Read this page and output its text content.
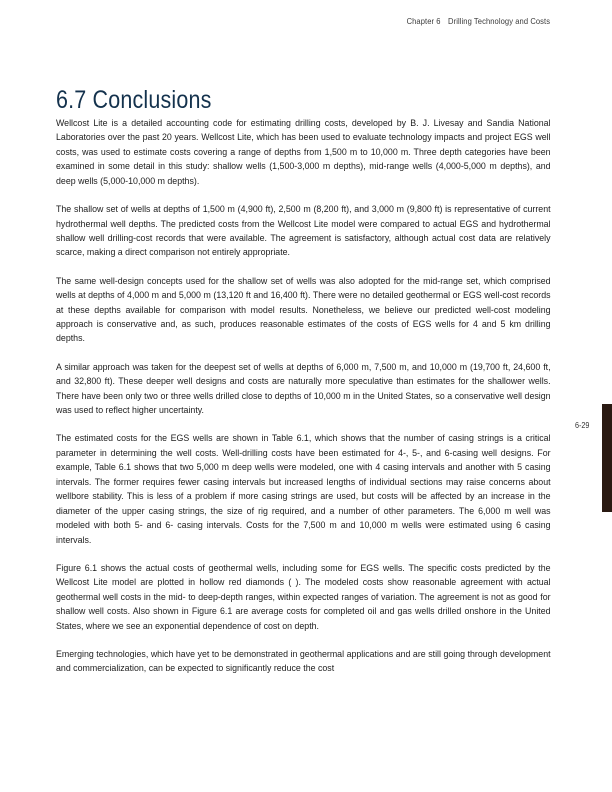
Chapter 6 Drilling Technology and Costs
6.7 Conclusions

Wellcost Lite is a detailed accounting code for estimating drilling costs, developed by B. J. Livesay and Sandia National Laboratories over the past 20 years. Wellcost Lite, which has been used to evaluate technology impacts and project EGS well costs, was used to estimate costs covering a range of depths from 1,500 m to 10,000 m. Three depth categories have been examined in some detail in this study: shallow wells (1,500-3,000 m depths), mid-range wells (4,000-5,000 m depths), and deep wells (5,000-10,000 m depths).

The shallow set of wells at depths of 1,500 m (4,900 ft), 2,500 m (8,200 ft), and 3,000 m (9,800 ft) is representative of current hydrothermal well depths. The predicted costs from the Wellcost Lite model were compared to actual EGS and hydrothermal shallow well drilling-cost records that were available. The agreement is satisfactory, although actual cost data are relatively scarce, making a direct comparison not entirely appropriate.

The same well-design concepts used for the shallow set of wells was also adopted for the mid-range set, which comprised wells at depths of 4,000 m and 5,000 m (13,120 ft and 16,400 ft). There were no detailed geothermal or EGS well-cost records at these depths available for comparison with model results. Nonetheless, we believe our predicted well-cost modeling approach is conservative and, as such, produces reasonable estimates of the costs of EGS wells for 4 and 5 km drilling depths.

A similar approach was taken for the deepest set of wells at depths of 6,000 m, 7,500 m, and 10,000 m (19,700 ft, 24,600 ft, and 32,800 ft). These deeper well designs and costs are naturally more speculative than estimates for the shallower wells. There have been only two or three wells drilled close to depths of 10,000 m in the United States, so a conservative well design was used to reflect higher uncertainty.

The estimated costs for the EGS wells are shown in Table 6.1, which shows that the number of casing strings is a critical parameter in determining the well costs. Well-drilling costs have been estimated for 4-, 5-, and 6-casing well designs. For example, Table 6.1 shows that two 5,000 m deep wells were modeled, one with 4 casing intervals and another with 5 casing intervals. The former requires fewer casing intervals but increased lengths of individual sections may raise concerns about wellbore stability. This is less of a problem if more casing strings are used, but costs will be affected by an increase in the diameter of the upper casing strings, the size of rig required, and a number of other parameters. The 6,000 m well was modeled with both 5- and 6- casing intervals. Costs for the 7,500 m and 10,000 m wells were estimated using 6 casing intervals.

Figure 6.1 shows the actual costs of geothermal wells, including some for EGS wells. The specific costs predicted by the Wellcost Lite model are plotted in hollow red diamonds ( ). The modeled costs show reasonable agreement with actual geothermal well costs in the mid- to deep-depth ranges, within expected ranges of variation. The agreement is not as good for shallow well costs. Also shown in Figure 6.1 are average costs for completed oil and gas wells drilled onshore in the United States, where we see an exponential dependence of cost on depth.

Emerging technologies, which have yet to be demonstrated in geothermal applications and are still going through development and commercialization, can be expected to significantly reduce the cost

6-29
